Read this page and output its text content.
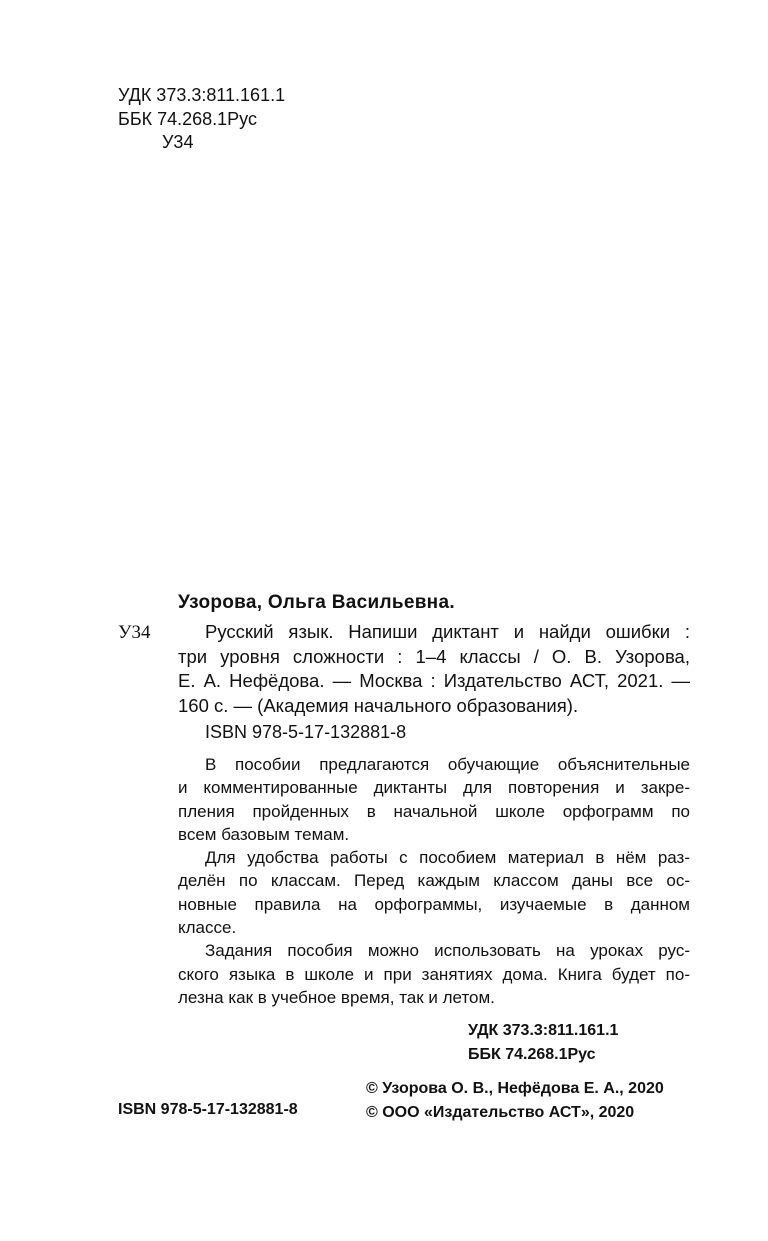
УДК 373.3:811.161.1
ББК 74.268.1Рус
У34
Узорова, Ольга Васильевна.
У34	Русский язык. Напиши диктант и найди ошибки :

три уровня сложности : 1–4 классы / О. В. Узорова,

Е. А. Нефёдова. — Москва : Издательство АСТ, 2021. —

160 с. — (Академия начального образования).

ISBN 978-5-17-132881-8

В пособии предлагаются обучающие объяснительные

и комментированные диктанты для повторения и закре-

пления пройденных в начальной школе орфограмм по

всем базовым темам.

Для удобства работы с пособием материал в нём раз-

делён по классам. Перед каждым классом даны все ос-

новные правила на орфограммы, изучаемые в данном

классе.

Задания пособия можно использовать на уроках рус-

ского языка в школе и при занятиях дома. Книга будет по-

лезна как в учебное время, так и летом.

УДК 373.3:811.161.1
ББК 74.268.1Рус
© Узорова О. В., Нефёдова Е. А., 2020
© ООО «Издательство АСТ», 2020
ISBN 978-5-17-132881-8
